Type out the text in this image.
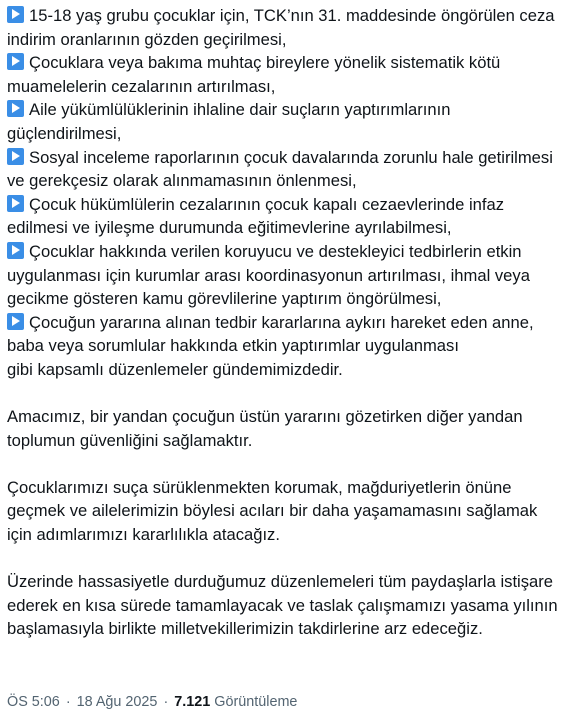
15-18 yaş grubu çocuklar için, TCK’nın 31. maddesinde öngörülen ceza indirim oranlarının gözden geçirilmesi,

Çocuklara veya bakıma muhtaç bireylere yönelik sistematik kötü muamelelerin cezalarının artırılması,

Aile yükümlülüklerinin ihlaline dair suçların yaptırımlarının güçlendirilmesi,

Sosyal inceleme raporlarının çocuk davalarında zorunlu hale getirilmesi ve gerekçesiz olarak alınmamasının önlenmesi,

Çocuk hükümlülerin cezalarının çocuk kapalı cezaevlerinde infaz edilmesi ve iyileşme durumunda eğitimevlerine ayrılabilmesi,

Çocuklar hakkında verilen koruyucu ve destekleyici tedbirlerin etkin uygulanması için kurumlar arası koordinasyonun artırılması, ihmal veya gecikme gösteren kamu görevlilerine yaptırım öngörülmesi,

Çocuğun yararına alınan tedbir kararlarına aykırı hareket eden anne, baba veya sorumlular hakkında etkin yaptırımlar uygulanması

gibi kapsamlı düzenlemeler gündemimizdedir.

Amacımız, bir yandan çocuğun üstün yararını gözetirken diğer yandan toplumun güvenliğini sağlamaktır.

Çocuklarımızı suça sürüklenmekten korumak, mağduriyetlerin önüne geçmek ve ailelerimizin böylesi acıları bir daha yaşamamasını sağlamak için adımlarımızı kararlılıkla atacağız.

Üzerinde hassasiyetle durduğumuz düzenlemeleri tüm paydaşlarla istişare ederek en kısa sürede tamamlayacak ve taslak çalışmamızı yasama yılının başlamasıyla birlikte milletvekillerimizin takdirlerine arz edeceğiz.

ÖS 5:06 · 18 Ağu 2025 · 7.121 Görüntüleme
